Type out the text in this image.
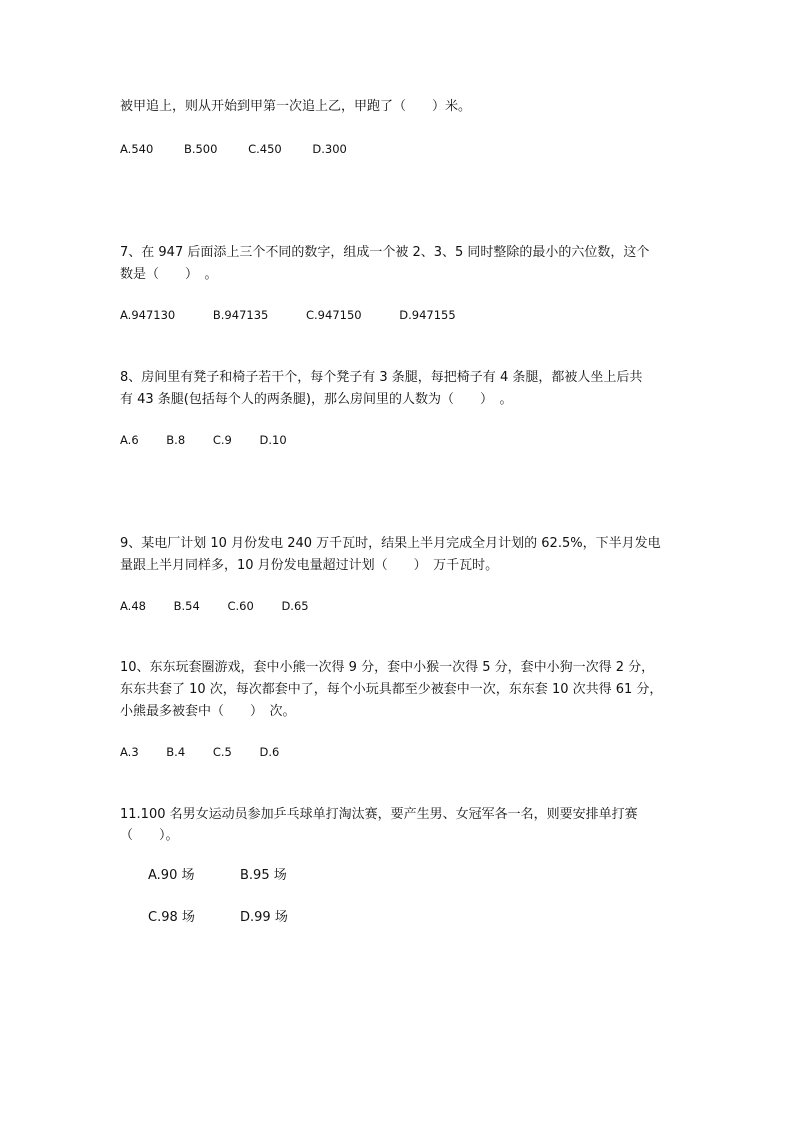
被甲追上，则从开始到甲第一次追上乙，甲跑了（　　）米。
A.540	B.500	C.450	D.300
7、在 947 后面添上三个不同的数字，组成一个被 2、3、5 同时整除的最小的六位数，这个
数是（　　）　。
A.947130	B.947135	C.947150	D.947155
8、房间里有凳子和椅子若干个，每个凳子有 3 条腿，每把椅子有 4 条腿，都被人坐上后共
有 43 条腿(包括每个人的两条腿)，那么房间里的人数为（　　）　。
A.6 B.8 C.9 D.10
9、某电厂计划 10 月份发电 240 万千瓦时，结果上半月完成全月计划的 62.5%，下半月发电
量跟上半月同样多，10 月份发电量超过计划（　　）　万千瓦时。
A.48 B.54 C.60 D.65
10、东东玩套圈游戏，套中小熊一次得 9 分，套中小猴一次得 5 分，套中小狗一次得 2 分，
东东共套了 10 次，每次都套中了，每个小玩具都至少被套中一次，东东套 10 次共得 61 分，
小熊最多被套中（　　）　次。
A.3 B.4 C.5 D.6
11.100 名男女运动员参加乒乓球单打淘汰赛，要产生男、女冠军各一名，则要安排单打赛
（　　）。
A.90 场	B.95 场
C.98 场	D.99 场
